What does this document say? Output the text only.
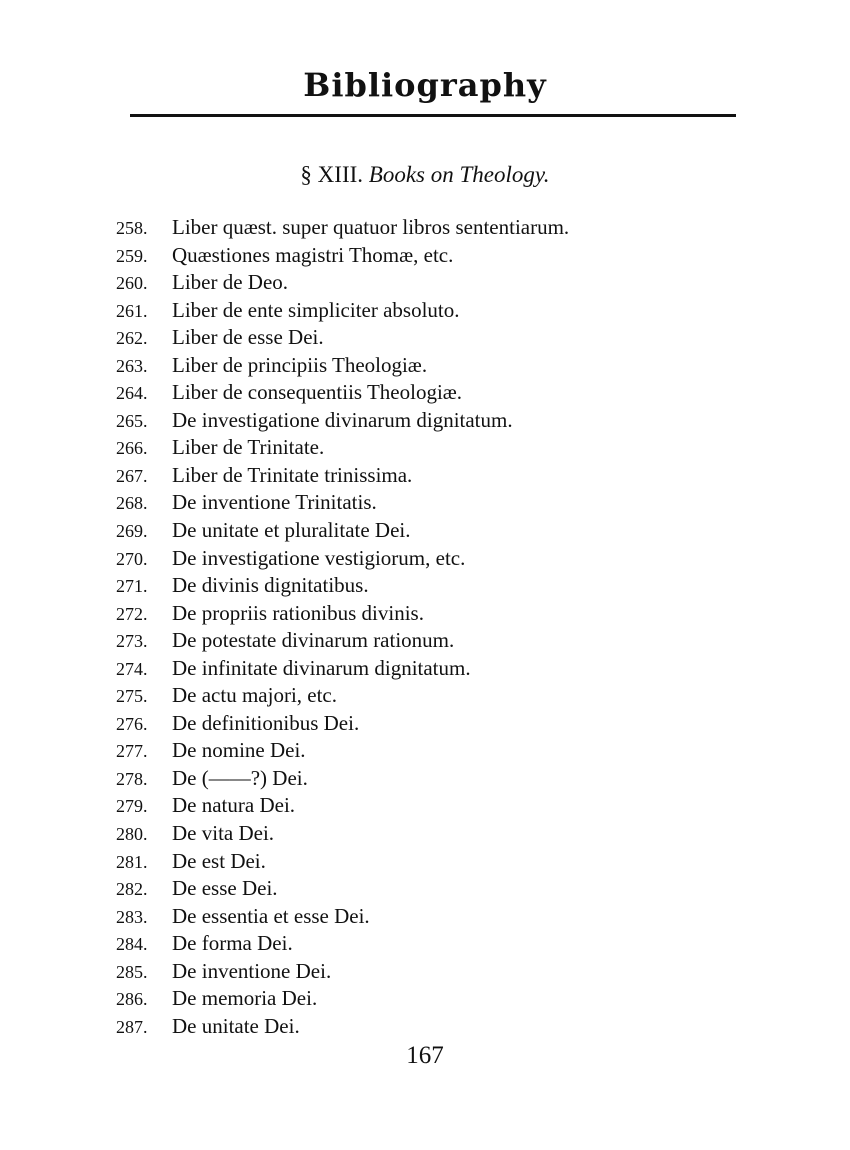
Bibliography
§ XIII. Books on Theology.
258. Liber quæst. super quatuor libros sententiarum.
259. Quæstiones magistri Thomæ, etc.
260. Liber de Deo.
261. Liber de ente simpliciter absoluto.
262. Liber de esse Dei.
263. Liber de principiis Theologiæ.
264. Liber de consequentiis Theologiæ.
265. De investigatione divinarum dignitatum.
266. Liber de Trinitate.
267. Liber de Trinitate trinissima.
268. De inventione Trinitatis.
269. De unitate et pluralitate Dei.
270. De investigatione vestigiorum, etc.
271. De divinis dignitatibus.
272. De propriis rationibus divinis.
273. De potestate divinarum rationum.
274. De infinitate divinarum dignitatum.
275. De actu majori, etc.
276. De definitionibus Dei.
277. De nomine Dei.
278. De (——?) Dei.
279. De natura Dei.
280. De vita Dei.
281. De est Dei.
282. De esse Dei.
283. De essentia et esse Dei.
284. De forma Dei.
285. De inventione Dei.
286. De memoria Dei.
287. De unitate Dei.
167
